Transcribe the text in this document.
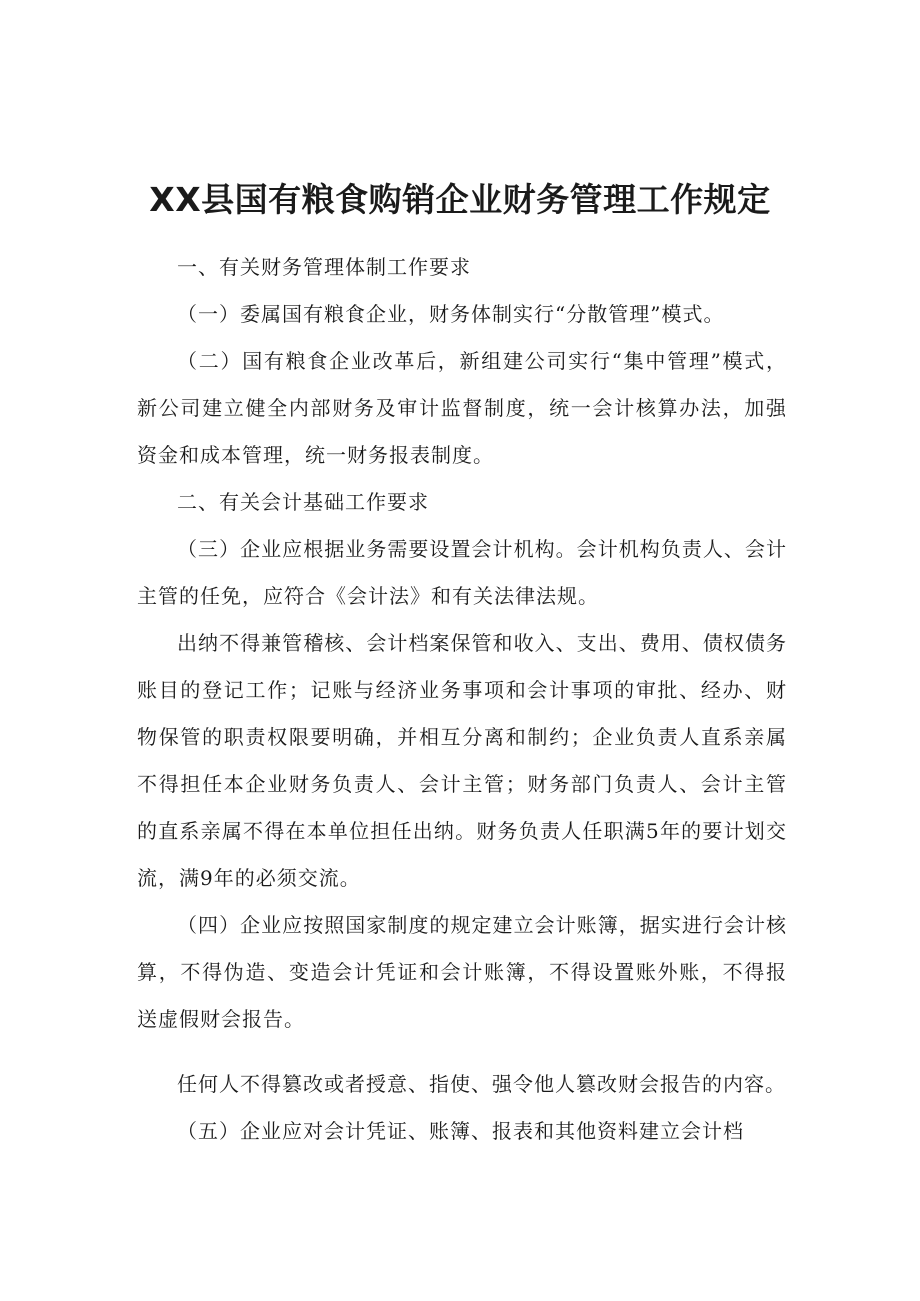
XX县国有粮食购销企业财务管理工作规定

一、有关财务管理体制工作要求

（一）委属国有粮食企业，财务体制实行“分散管理”模式。

（二）国有粮食企业改革后，新组建公司实行“集中管理”模式，新公司建立健全内部财务及审计监督制度，统一会计核算办法，加强资金和成本管理，统一财务报表制度。

二、有关会计基础工作要求

（三）企业应根据业务需要设置会计机构。会计机构负责人、会计主管的任免，应符合《会计法》和有关法律法规。

出纳不得兼管稽核、会计档案保管和收入、支出、费用、债权债务账目的登记工作；记账与经济业务事项和会计事项的审批、经办、财物保管的职责权限要明确，并相互分离和制约；企业负责人直系亲属不得担任本企业财务负责人、会计主管；财务部门负责人、会计主管的直系亲属不得在本单位担任出纳。财务负责人任职满5年的要计划交流，满9年的必须交流。

（四）企业应按照国家制度的规定建立会计账簿，据实进行会计核算，不得伪造、变造会计凭证和会计账簿，不得设置账外账，不得报送虚假财会报告。

任何人不得篡改或者授意、指使、强令他人篡改财会报告的内容。

（五）企业应对会计凭证、账簿、报表和其他资料建立会计档
